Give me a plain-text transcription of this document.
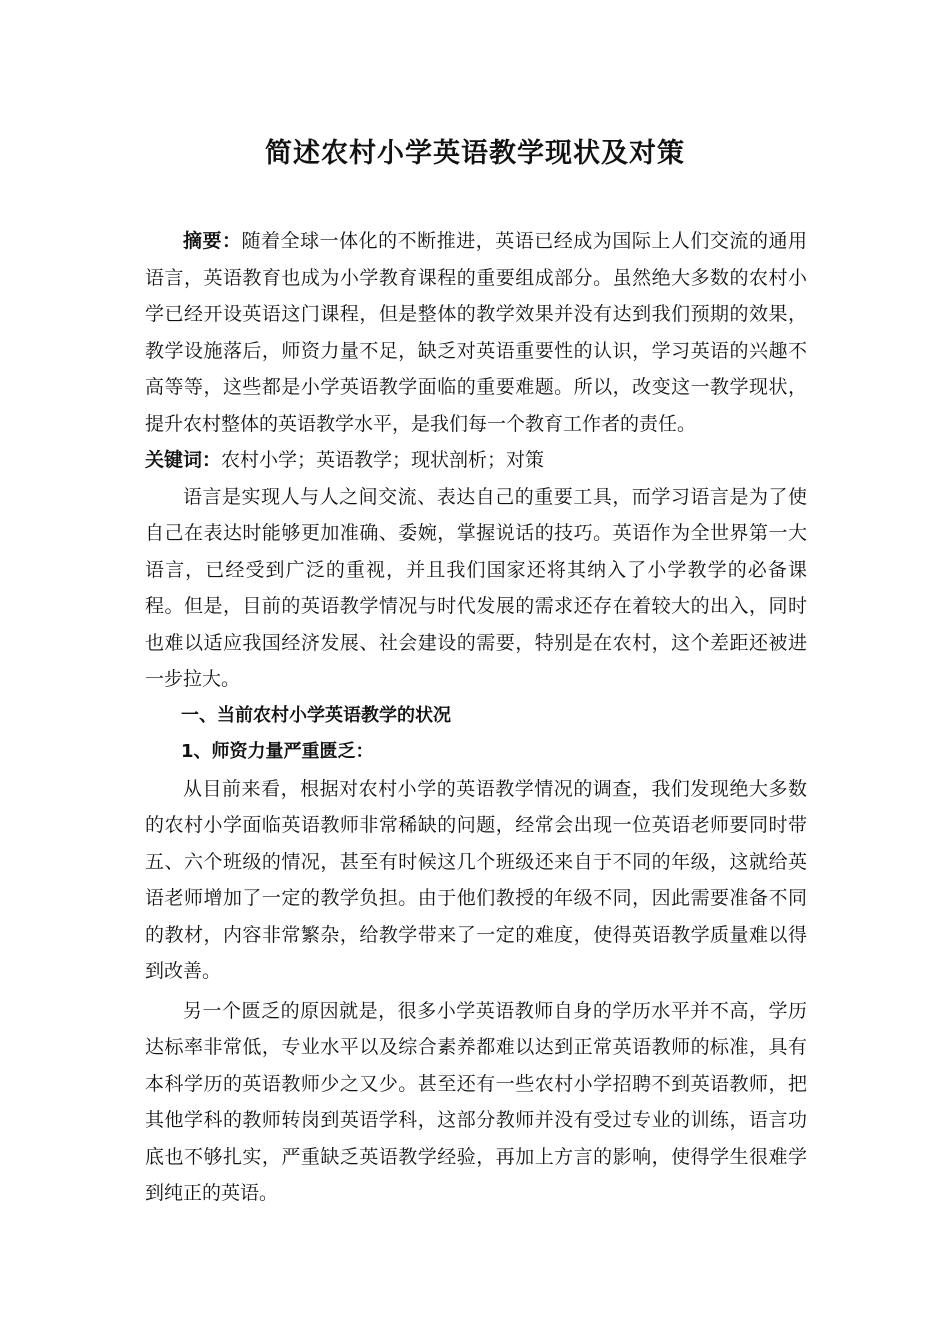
简述农村小学英语教学现状及对策

摘要：随着全球一体化的不断推进，英语已经成为国际上人们交流的通用语言，英语教育也成为小学教育课程的重要组成部分。虽然绝大多数的农村小学已经开设英语这门课程，但是整体的教学效果并没有达到我们预期的效果，教学设施落后，师资力量不足，缺乏对英语重要性的认识，学习英语的兴趣不高等等，这些都是小学英语教学面临的重要难题。所以，改变这一教学现状，提升农村整体的英语教学水平，是我们每一个教育工作者的责任。

关键词：农村小学；英语教学；现状剖析；对策

语言是实现人与人之间交流、表达自己的重要工具，而学习语言是为了使自己在表达时能够更加准确、委婉，掌握说话的技巧。英语作为全世界第一大语言，已经受到广泛的重视，并且我们国家还将其纳入了小学教学的必备课程。但是，目前的英语教学情况与时代发展的需求还存在着较大的出入，同时也难以适应我国经济发展、社会建设的需要，特别是在农村，这个差距还被进一步拉大。

一、当前农村小学英语教学的状况

1、师资力量严重匮乏：

从目前来看，根据对农村小学的英语教学情况的调查，我们发现绝大多数的农村小学面临英语教师非常稀缺的问题，经常会出现一位英语老师要同时带五、六个班级的情况，甚至有时候这几个班级还来自于不同的年级，这就给英语老师增加了一定的教学负担。由于他们教授的年级不同，因此需要准备不同的教材，内容非常繁杂，给教学带来了一定的难度，使得英语教学质量难以得到改善。

另一个匮乏的原因就是，很多小学英语教师自身的学历水平并不高，学历达标率非常低，专业水平以及综合素养都难以达到正常英语教师的标准，具有本科学历的英语教师少之又少。甚至还有一些农村小学招聘不到英语教师，把其他学科的教师转岗到英语学科，这部分教师并没有受过专业的训练，语言功底也不够扎实，严重缺乏英语教学经验，再加上方言的影响，使得学生很难学到纯正的英语。
